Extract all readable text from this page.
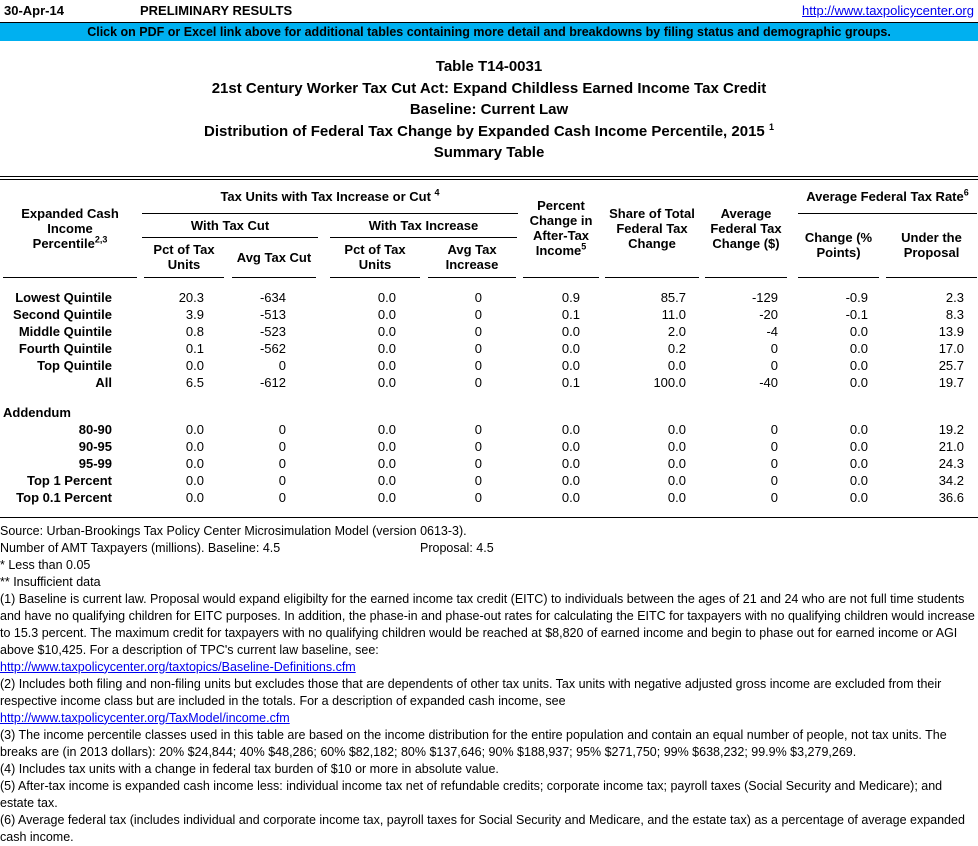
30-Apr-14	PRELIMINARY RESULTS	http://www.taxpolicycenter.org
Click on PDF or Excel link above for additional tables containing more detail and breakdowns by filing status and demographic groups.
Table T14-0031
21st Century Worker Tax Cut Act: Expand Childless Earned Income Tax Credit
Baseline: Current Law
Distribution of Federal Tax Change by Expanded Cash Income Percentile, 2015 $^1$
Summary Table
Expanded Cash Income
Percentile$^{2,3}$
Tax Units with Tax Increase or Cut $^4$
With Tax Cut	With Tax Increase
Pct of Tax Units	Avg Tax Cut	Pct of Tax Units
Avg Tax Increase
Percent Change in After-Tax Income$^5$
Share of Total Federal Tax Change
Average Federal Tax Change ($)
Average Federal Tax Rate$^6$
Change (% Points)
Under the Proposal
Lowest Quintile	20.3	-634	0.0	0	0.9	85.7	-129	-0.9	2.3
Second Quintile	3.9	-513	0.0	0	0.1	11.0	-20	-0.1	8.3
Middle Quintile	0.8	-523	0.0	0	0.0	2.0	-4	0.0	13.9
Fourth Quintile	0.1	-562	0.0	0	0.0	0.2	0	0.0	17.0
Top Quintile	0.0	0	0.0	0	0.0	0.0	0	0.0	25.7
All	6.5	-612	0.0	0	0.1	100.0	-40	0.0	19.7
Addendum
80-90	0.0	0	0.0	0	0.0	0.0	0	0.0	19.2
90-95	0.0	0	0.0	0	0.0	0.0	0	0.0	21.0
95-99	0.0	0	0.0	0	0.0	0.0	0	0.0	24.3
Top 1 Percent	0.0	0	0.0	0	0.0	0.0	0	0.0	34.2
Top 0.1 Percent	0.0	0	0.0	0	0.0	0.0	0	0.0	36.6
Source: Urban-Brookings Tax Policy Center Microsimulation Model (version 0613-3).
Number of AMT Taxpayers (millions). Baseline: 4.5	Proposal: 4.5
* Less than 0.05
** Insufficient data
(1) Baseline is current law. Proposal would expand eligibilty for the earned income tax credit (EITC) to individuals between the ages of 21 and 24 who are not full time students and have no qualifying children for EITC purposes. In addition, the phase-in and phase-out rates for calculating the EITC for taxpayers with no qualifying children would increase to 15.3 percent. The maximum credit for taxpayers with no qualifying children would be reached at $8,820 of earned income and begin to phase out for earned income or AGI above $10,425. For a description of TPC's current law baseline, see:
http://www.taxpolicycenter.org/taxtopics/Baseline-Definitions.cfm
(2) Includes both filing and non-filing units but excludes those that are dependents of other tax units. Tax units with negative adjusted gross income are excluded from their respective income class but are included in the totals. For a description of expanded cash income, see
http://www.taxpolicycenter.org/TaxModel/income.cfm
(3) The income percentile classes used in this table are based on the income distribution for the entire population and contain an equal number of people, not tax units. The breaks are (in 2013 dollars): 20% $24,844; 40% $48,286; 60% $82,182; 80% $137,646; 90% $188,937; 95% $271,750; 99% $638,232; 99.9% $3,279,269.
(4) Includes tax units with a change in federal tax burden of $10 or more in absolute value.
(5) After-tax income is expanded cash income less: individual income tax net of refundable credits; corporate income tax; payroll taxes (Social Security and Medicare); and estate tax.
(6) Average federal tax (includes individual and corporate income tax, payroll taxes for Social Security and Medicare, and the estate tax) as a percentage of average expanded cash income.
